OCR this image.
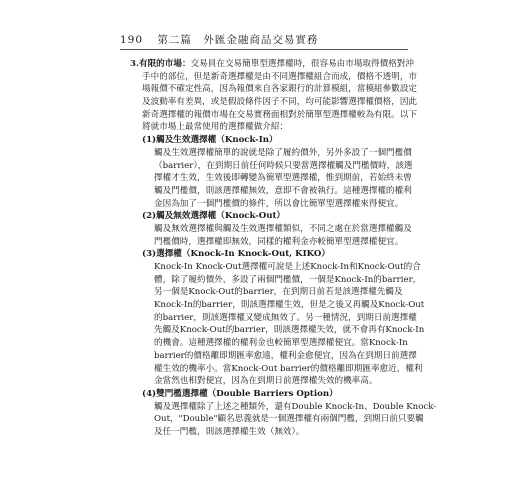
190 第二篇　外匯金融商品交易實務
3.有限的市場：交易員在交易簡單型選擇權時，很容易由市場取得價格對沖
手中的部位，但是新奇選擇權是由不同選擇權組合而成，價格不透明，市
場報價不確定性高，因為報價來自各家銀行的計算模組，當模組參數設定
及波動率有差異，或是假設條件因子不同，均可能影響選擇權價格，因此
新奇選擇權的報價市場在交易實務面相對於簡單型選擇權較為有限。以下
將就市場上最常使用的選擇權做介紹：
(1)觸及生效選擇權（Knock-In）
觸及生效選擇權簡單的說就是除了履約價外，另外多設了一個門檻價
（barrier），在到期日前任何時候只要當選擇權觸及門檻價時，該選
擇權才生效，生效後即轉變為簡單型選擇權，惟到期前，若始終未曾
觸及門檻價，則該選擇權無效，意即不會被執行。這種選擇權的權利
金因為加了一個門檻價的條件，所以會比簡單型選擇權來得便宜。
(2)觸及無效選擇權（Knock-Out）
觸及無效選擇權與觸及生效選擇權類似，不同之處在於當選擇權觸及
門檻價時，選擇權即無效，同樣的權利金亦較簡單型選擇權便宜。
(3)選擇權（Knock-In Knock-Out, KIKO）
Knock-In Knock-Out選擇權可說是上述Knock-In和Knock-Out的合
體，除了履約價外，多設了兩個門檻價，一個是Knock-In的barrier，
另一個是Knock-Out的barrier，在到期日前若是該選擇權先觸及
Knock-In的barrier，則該選擇權生效，但是之後又再觸及Knock-Out
的barrier，則該選擇權又變成無效了。另一種情況，到期日前選擇權
先觸及Knock-Out的barrier，則該選擇權失效，就不會再有Knock-In
的機會。這種選擇權的權利金也較簡單型選擇權便宜。當Knock-In
barrier的價格離即期匯率愈遠，權利金愈便宜，因為在到期日前選擇
權生效的機率小。當Knock-Out barrier的價格離即期匯率愈近，權利
金當然也相對便宜，因為在到期日前選擇權失效的機率高。
(4)雙門檻選擇權（Double Barriers Option）
觸及選擇權除了上述之種類外，還有Double Knock-In、Double Knock-
Out，"Double"顧名思義就是一個選擇權有兩個門檻，到期日前只要觸
及任一門檻，則該選擇權生效（無效）。
